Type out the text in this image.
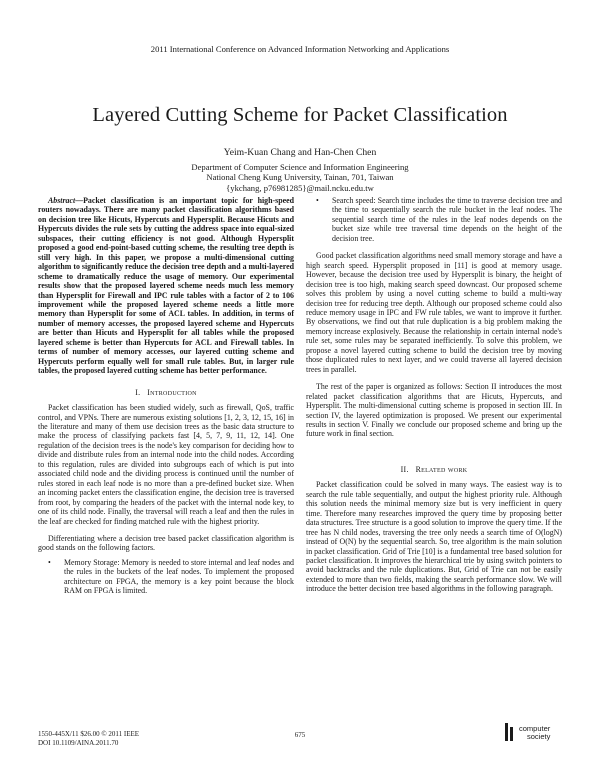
2011 International Conference on Advanced Information Networking and Applications
Layered Cutting Scheme for Packet Classification
Yeim-Kuan Chang and Han-Chen Chen
Department of Computer Science and Information Engineering
National Cheng Kung University, Tainan, 701, Taiwan
{ykchang, p76981285}@mail.ncku.edu.tw

Abstract—Packet classification is an important topic for high-speed routers nowadays. There are many packet classification algorithms based on decision tree like Hicuts, Hypercuts and Hypersplit. Because Hicuts and Hypercuts divides the rule sets by cutting the address space into equal-sized subspaces, their cutting efficiency is not good. Although Hypersplit proposed a good end-point-based cutting scheme, the resulting tree depth is still very high. In this paper, we propose a multi-dimensional cutting algorithm to significantly reduce the decision tree depth and a multi-layered scheme to dramatically reduce the usage of memory. Our experimental results show that the proposed layered scheme needs much less memory than Hypersplit for Firewall and IPC rule tables with a factor of 2 to 106 improvement while the proposed layered scheme needs a little more memory than Hypersplit for some of ACL tables. In addition, in terms of number of memory accesses, the proposed layered scheme and Hypercuts are better than Hicuts and Hypersplit for all tables while the proposed layered scheme is better than Hypercuts for ACL and Firewall tables. In terms of number of memory accesses, our layered cutting scheme and Hypercuts perform equally well for small rule tables. But, in larger rule tables, the proposed layered cutting scheme has better performance.

I. Introduction

Packet classification has been studied widely, such as firewall, QoS, traffic control, and VPNs. There are numerous existing solutions [1, 2, 3, 12, 15, 16] in the literature and many of them use decision trees as the basic data structure to make the process of classifying packets fast [4, 5, 7, 9, 11, 12, 14]. One regulation of the decision trees is the node's key comparison for deciding how to divide and distribute rules from an internal node into the child nodes. According to this regulation, rules are divided into subgroups each of which is put into associated child node and the dividing process is continued until the number of rules stored in each leaf node is no more than a pre-defined bucket size. When an incoming packet enters the classification engine, the decision tree is traversed from root, by comparing the headers of the packet with the internal node key, to one of its child node. Finally, the traversal will reach a leaf and then the rules in the leaf are checked for finding matched rule with the highest priority.

Differentiating where a decision tree based packet classification algorithm is good stands on the following factors.

• Memory Storage: Memory is needed to store internal and leaf nodes and the rules in the buckets of the leaf nodes. To implement the proposed architecture on FPGA, the memory is a key point because the block RAM on FPGA is limited.
• Search speed: Search time includes the time to traverse decision tree and the time to sequentially search the rule bucket in the leaf nodes. The sequential search time of the rules in the leaf nodes depends on the bucket size while tree traversal time depends on the height of the decision tree.

Good packet classification algorithms need small memory storage and have a high search speed. Hypersplit proposed in [11] is good at memory usage. However, because the decision tree used by Hypersplit is binary, the height of decision tree is too high, making search speed downcast. Our proposed scheme solves this problem by using a novel cutting scheme to build a multi-way decision tree for reducing tree depth. Although our proposed scheme could also reduce memory usage in IPC and FW rule tables, we want to improve it further. By observations, we find out that rule duplication is a big problem making the memory increase explosively. Because the relationship in certain internal node's rule set, some rules may be separated inefficiently. To solve this problem, we propose a novel layered cutting scheme to build the decision tree by moving those duplicated rules to next layer, and we could traverse all layered decision trees in parallel.

The rest of the paper is organized as follows: Section II introduces the most related packet classification algorithms that are Hicuts, Hypercuts, and Hypersplit. The multi-dimensional cutting scheme is proposed in section III. In section IV, the layered optimization is proposed. We present our experimental results in section V. Finally we conclude our proposed scheme and bring up the future work in final section.

II. Related work

Packet classification could be solved in many ways. The easiest way is to search the rule table sequentially, and output the highest priority rule. Although this solution needs the minimal memory size but is very inefficient in query time. Therefore many researches improved the query time by proposing better data structures. Tree structure is a good solution to improve the query time. If the tree has N child nodes, traversing the tree only needs a search time of O(logN) instead of O(N) by the sequential search. So, tree algorithm is the main solution in packet classification. Grid of Trie [10] is a fundamental tree based solution for packet classification. It improves the hierarchical trie by using switch pointers to avoid backtracks and the rule duplications. But, Grid of Trie can not be easily extended to more than two fields, making the search performance slow. We will introduce the better decision tree based algorithms in the following paragraph.

1550-445X/11 $26.00 © 2011 IEEE
DOI 10.1109/AINA.2011.70
675
computer
society
